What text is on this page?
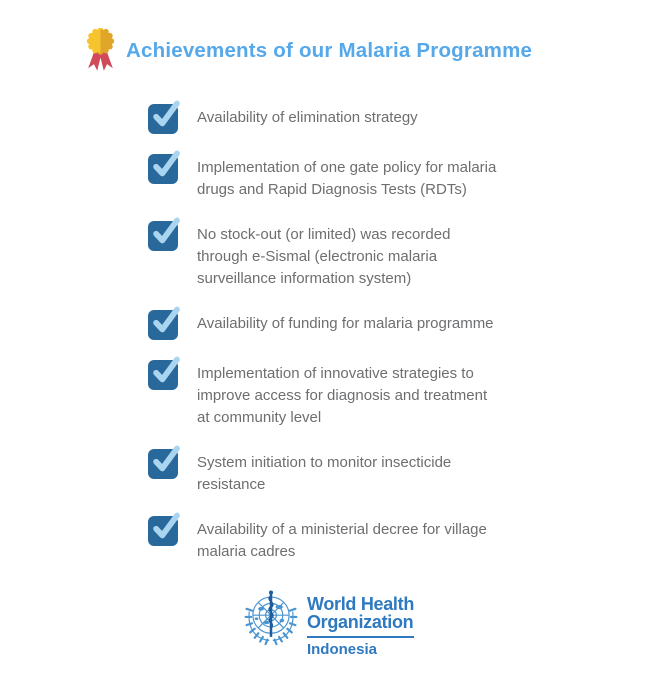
Achievements of our Malaria Programme
Availability of elimination strategy
Implementation of one gate policy for malaria
drugs and Rapid Diagnosis Tests (RDTs)
No stock-out (or limited) was recorded
through e-Sismal (electronic malaria
surveillance information system)
Availability of funding for malaria programme
Implementation of innovative strategies to
improve access for diagnosis and treatment
at community level
System initiation to monitor insecticide
resistance
Availability of a ministerial decree for village
malaria cadres
World Health
Organization
Indonesia
